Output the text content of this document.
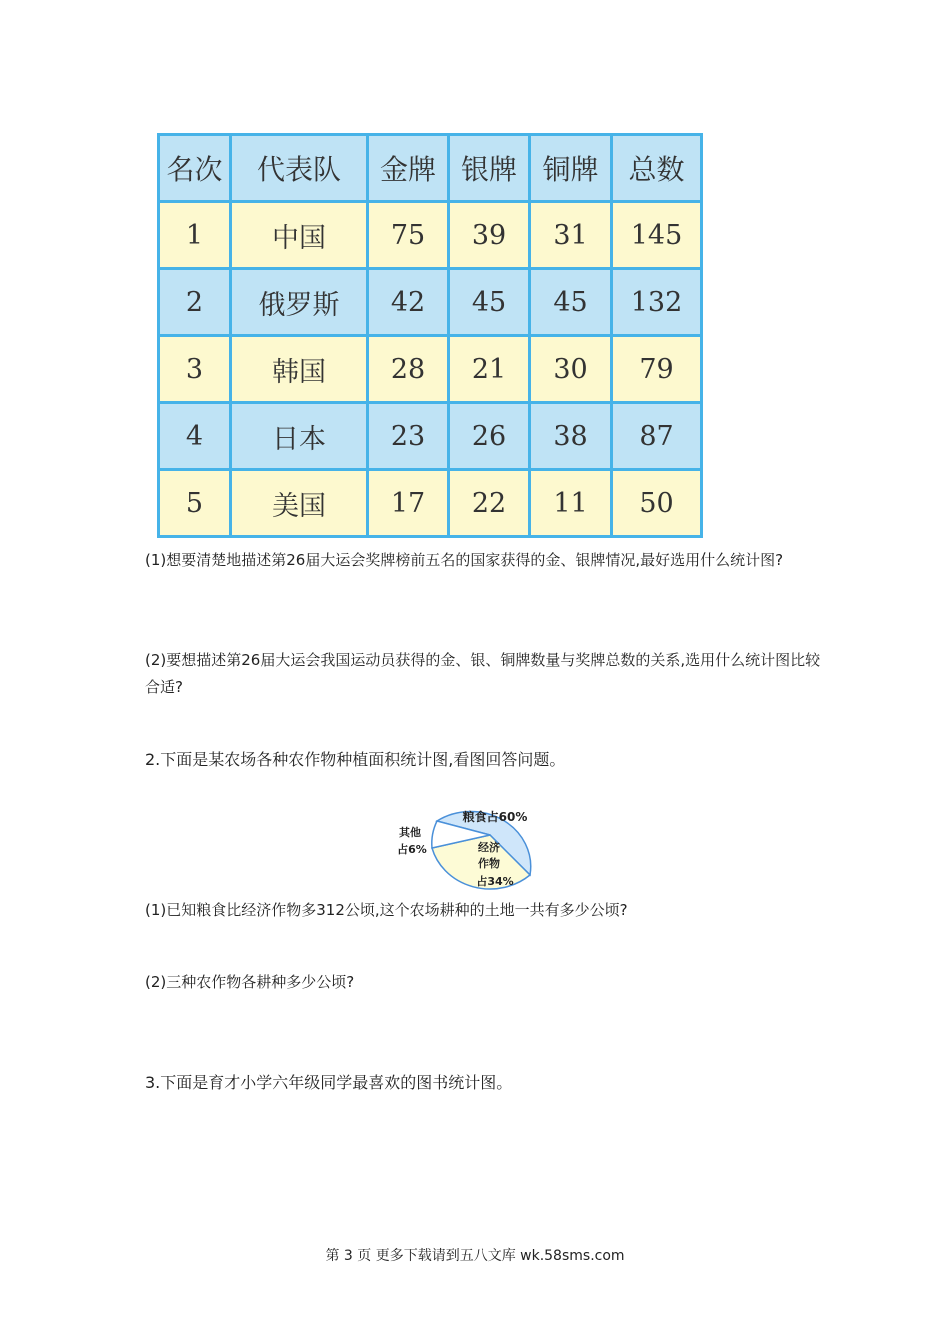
名次	代表队	金牌	银牌	铜牌	总数
1	中国	75	39	31	145
2	俄罗斯	42	45	45	132
3	韩国	28	21	30	79
4	日本	23	26	38	87
5	美国	17	22	11	50
(1)想要清楚地描述第26届大运会奖牌榜前五名的国家获得的金、银牌情况,最好选用什么统计图?
(2)要想描述第26届大运会我国运动员获得的金、银、铜牌数量与奖牌总数的关系,选用什么统计图比较合适?
2.下面是某农场各种农作物种植面积统计图,看图回答问题。
粮食占60%
经济
作物
占34%
其他
占6%
(1)已知粮食比经济作物多312公顷,这个农场耕种的土地一共有多少公顷?
(2)三种农作物各耕种多少公顷?
3.下面是育才小学六年级同学最喜欢的图书统计图。
第 3 页 更多下载请到五八文库 wk.58sms.com
